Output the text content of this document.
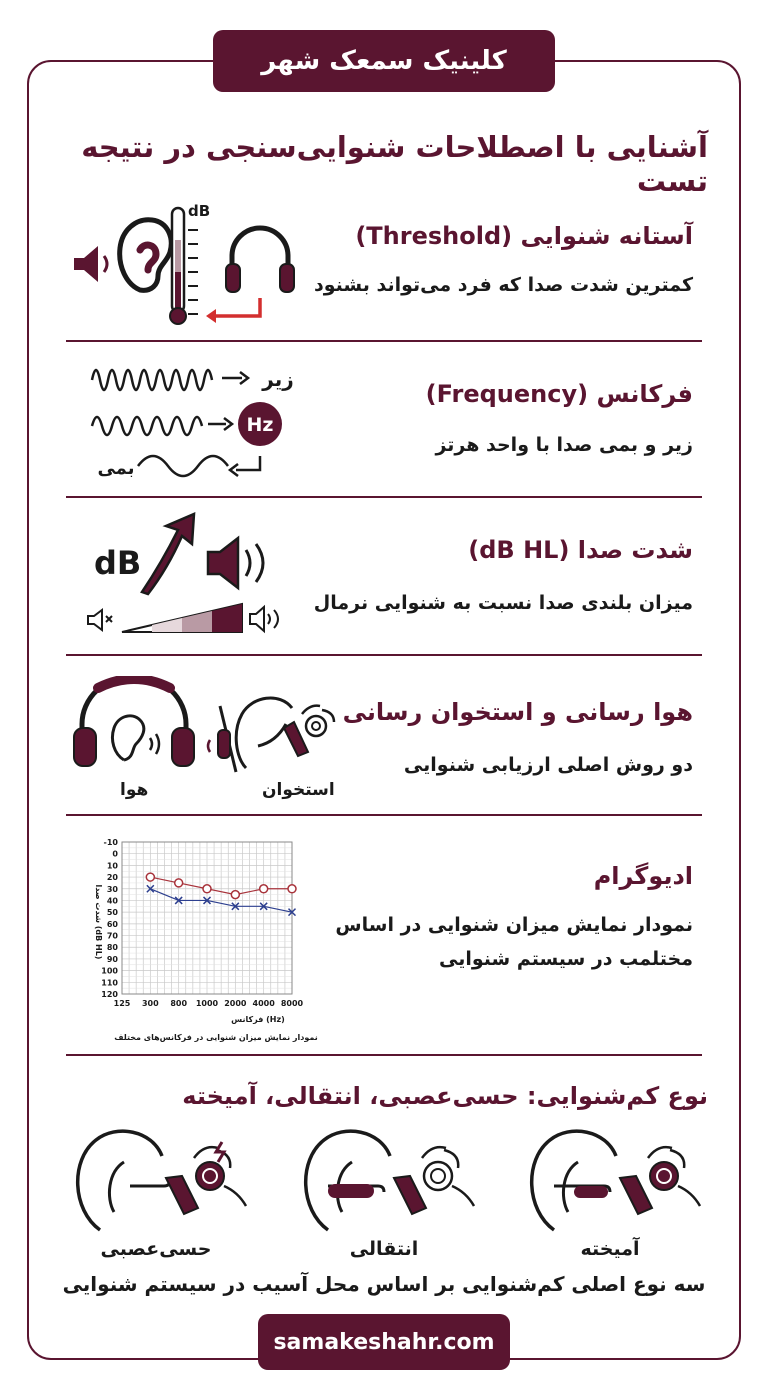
کلینیک سمعک شهر
آشنایی با اصطلاحات شنوایی‌سنجی در نتیجه تست
آستانه شنوایی (Threshold)
کمترین شدت صدا که فرد می‌تواند بشنود
dB
فرکانس (Frequency)
زیر و بمی صدا با واحد هرتز
زیر
Hz
بمی
شدت صدا (dB HL)
میزان بلندی صدا نسبت به شنوایی نرمال
dB
هوا رسانی و استخوان رسانی
دو روش اصلی ارزیابی شنوایی
هوا	استخوان
ادیوگرام
نمودار نمایش میزان شنوایی در اساس
مختلمب در سیستم شنوایی
-10
0
10
20
30
40
50
60
70
80
90
100
110
120
125 300 800 1000 2000 4000 8000
شدت صدا (dB HL)
فرکانس (Hz)
نمودار نمایش میزان شنوایی در فرکانس‌های مختلف
نوع کم‌شنوایی: حسی‌عصبی، انتقالی، آمیخته
آمیخته
انتقالی
حسی‌عصبی
سه نوع اصلی کم‌شنوایی بر اساس محل آسیب در سیستم شنوایی
samakeshahr.com
